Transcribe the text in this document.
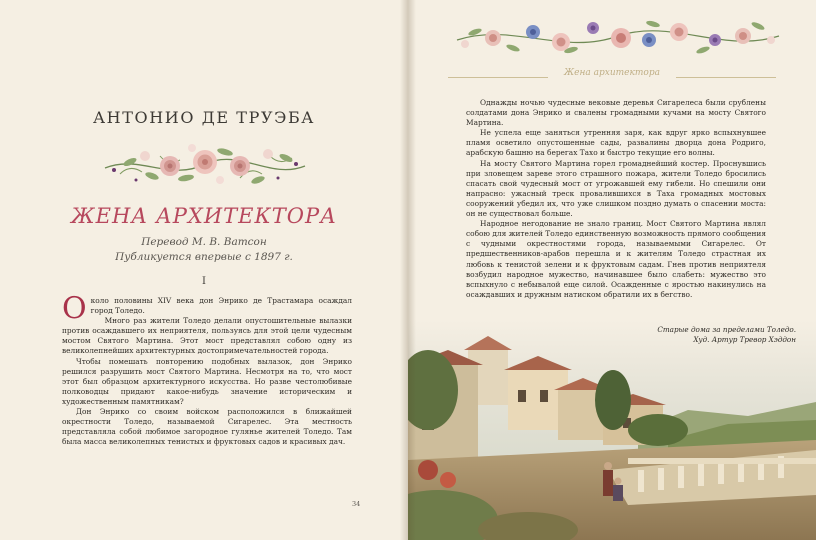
АНТОНИО ДЕ ТРУЭБА
ЖЕНА АРХИТЕКТОРА
Перевод М. В. Ватсон
Публикуется впервые с 1897 г.
I

Около половины XIV века дон Энрико де Трастамара осаждал город Толедо.

Много раз жители Толедо делали опустошительные вылазки против осаждавшего их неприятеля, пользуясь для этой цели чудесным мостом Святого Мартина. Этот мост представлял собою одну из великолепнейших архитектурных достопримечательностей города.

Чтобы помешать повторению подобных вылазок, дон Энрико решился разрушить мост Святого Мартина. Несмотря на то, что мост этот был образцом архитектурного искусства. Но разве честолюбивые полководцы придают какое-нибудь значение историческим и художественным памятникам?

Дон Энрико со своим войском расположился в ближайшей окрестности Толедо, называемой Сигарелес. Эта местность представляла собой любимое загородное гулянье жителей Толедо. Там была масса великолепных тенистых и фруктовых садов и красивых дач.

34
Жена архитектора

Однажды ночью чудесные вековые деревья Сигарелеса были срублены солдатами дона Энрико и свалены громадными кучами на мосту Святого Мартина.

Не успела еще заняться утренняя заря, как вдруг ярко вспыхнувшее пламя осветило опустошенные сады, развалины дворца дона Родриго, арабскую башню на берегах Тахо и быстро текущие его волны.

На мосту Святого Мартина горел громаднейший костер. Проснувшись при зловещем зареве этого страшного пожара, жители Толедо бросились спасать свой чудесный мост от угрожавшей ему гибели. Но спешили они напрасно: ужасный треск провалившихся в Таха громадных мостовых сооружений убедил их, что уже слишком поздно думать о спасении моста: он не существовал больше.

Народное негодование не знало границ. Мост Святого Мартина являл собою для жителей Толедо единственную возможность прямого сообщения с чудными окрестностями города, называемыми Сигарелес. От предшественников-арабов перешла и к жителям Толедо страстная их любовь к тенистой зелени и к фруктовым садам. Гнев против неприятеля возбудил народное мужество, начинавшее было слабеть: мужество это вспыхнуло с небывалой еще силой. Осажденные с яростью накинулись на осаждавших и дружным натиском обратили их в бегство.

Старые дома за пределами Толедо.
Худ. Артур Тревор Хэддон
